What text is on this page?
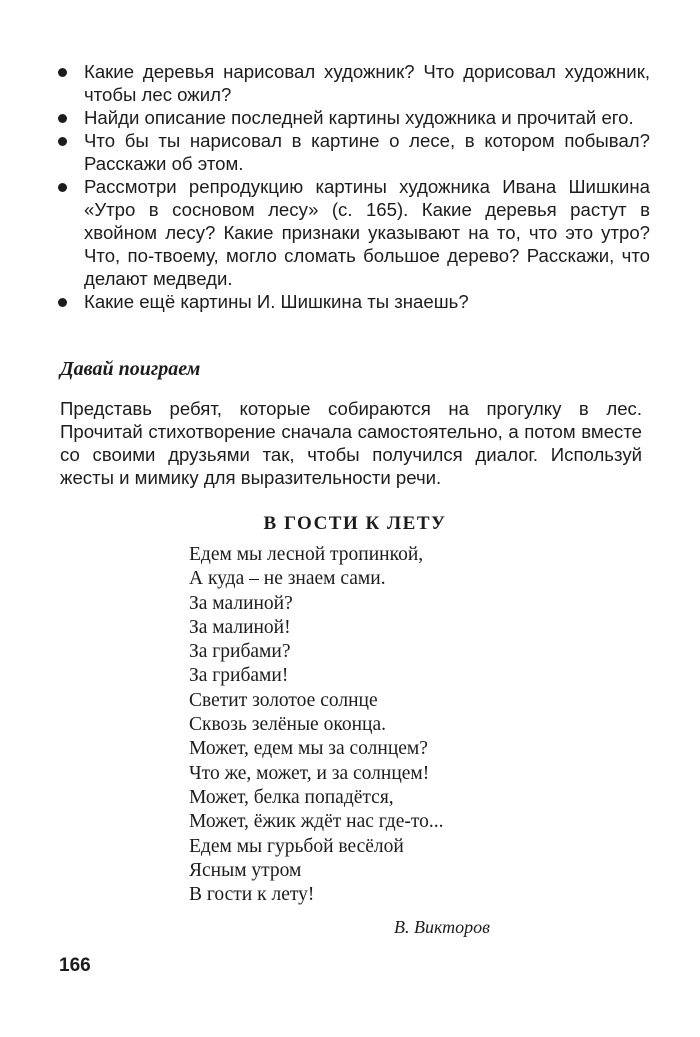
Какие деревья нарисовал художник? Что дорисовал художник, чтобы лес ожил?
Найди описание последней картины художника и прочитай его.
Что бы ты нарисовал в картине о лесе, в котором побывал? Расскажи об этом.
Рассмотри репродукцию картины художника Ивана Шишкина «Утро в сосновом лесу» (с. 165). Какие деревья растут в хвойном лесу? Какие признаки указывают на то, что это утро? Что, по-твоему, могло сломать большое дерево? Расскажи, что делают медведи.
Какие ещё картины И. Шишкина ты знаешь?
Давай поиграем

Представь ребят, которые собираются на прогулку в лес. Прочитай стихотворение сначала самостоятельно, а потом вместе со своими друзьями так, чтобы получился диалог. Используй жесты и мимику для выразительности речи.

В ГОСТИ К ЛЕТУ
Едем мы лесной тропинкой,
А куда – не знаем сами.
За малиной?
За малиной!
За грибами?
За грибами!
Светит золотое солнце
Сквозь зелёные оконца.
Может, едем мы за солнцем?
Что же, может, и за солнцем!
Может, белка попадётся,
Может, ёжик ждёт нас где-то...
Едем мы гурьбой весёлой
Ясным утром
В гости к лету!

В. Викторов

166
